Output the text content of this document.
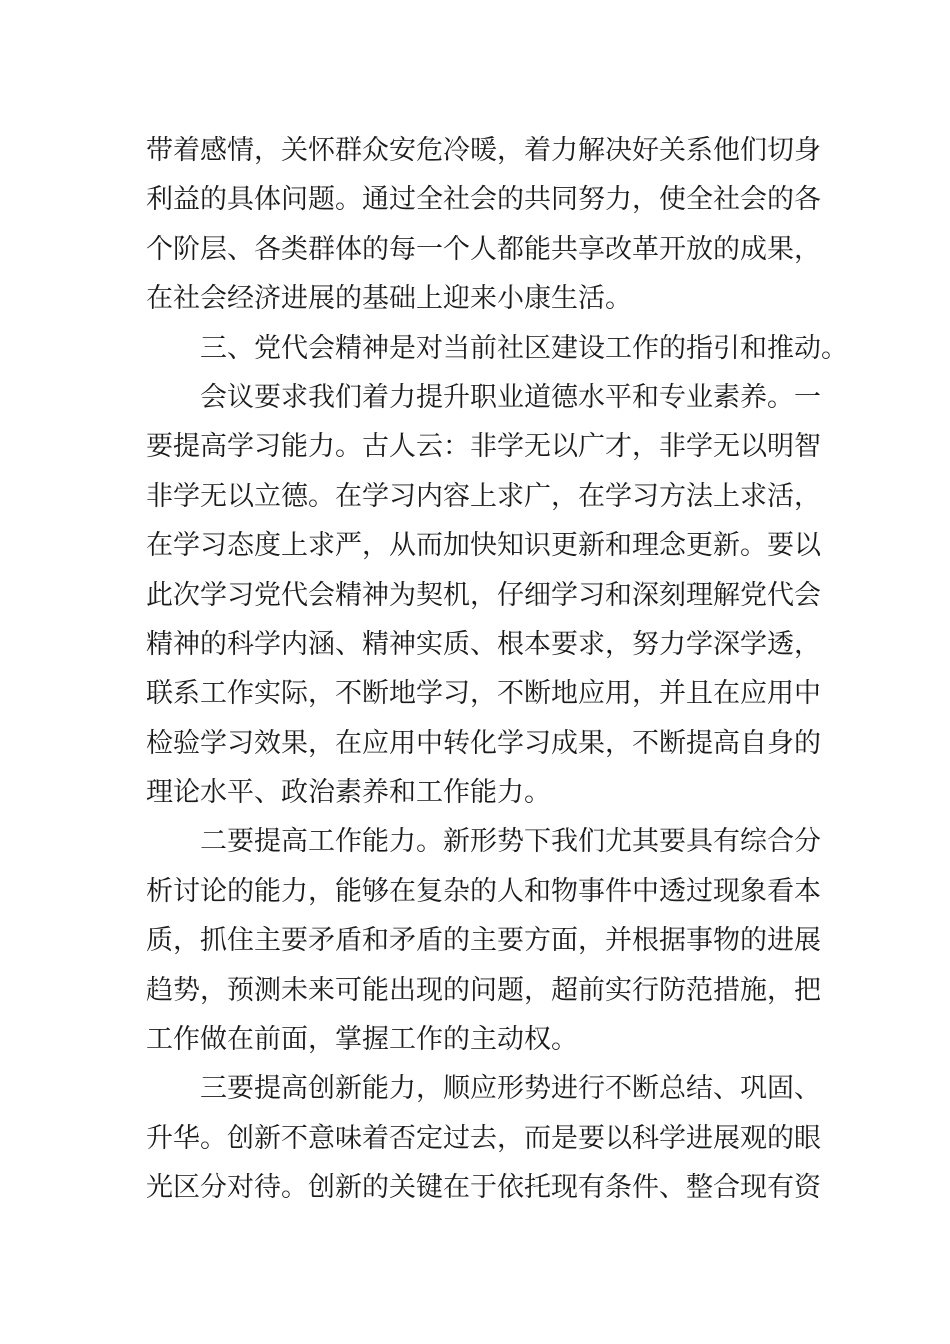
带着感情，关怀群众安危冷暖，着力解决好关系他们切身
利益的具体问题。通过全社会的共同努力，使全社会的各
个阶层、各类群体的每一个人都能共享改革开放的成果，
在社会经济进展的基础上迎来小康生活。
三、党代会精神是对当前社区建设工作的指引和推动。
会议要求我们着力提升职业道德水平和专业素养。一
要提高学习能力。古人云：非学无以广才，非学无以明智
非学无以立德。在学习内容上求广，在学习方法上求活，
在学习态度上求严，从而加快知识更新和理念更新。要以
此次学习党代会精神为契机，仔细学习和深刻理解党代会
精神的科学内涵、精神实质、根本要求，努力学深学透，
联系工作实际，不断地学习，不断地应用，并且在应用中
检验学习效果，在应用中转化学习成果，不断提高自身的
理论水平、政治素养和工作能力。
二要提高工作能力。新形势下我们尤其要具有综合分
析讨论的能力，能够在复杂的人和物事件中透过现象看本
质，抓住主要矛盾和矛盾的主要方面，并根据事物的进展
趋势，预测未来可能出现的问题，超前实行防范措施，把
工作做在前面，掌握工作的主动权。
三要提高创新能力，顺应形势进行不断总结、巩固、
升华。创新不意味着否定过去，而是要以科学进展观的眼
光区分对待。创新的关键在于依托现有条件、整合现有资
